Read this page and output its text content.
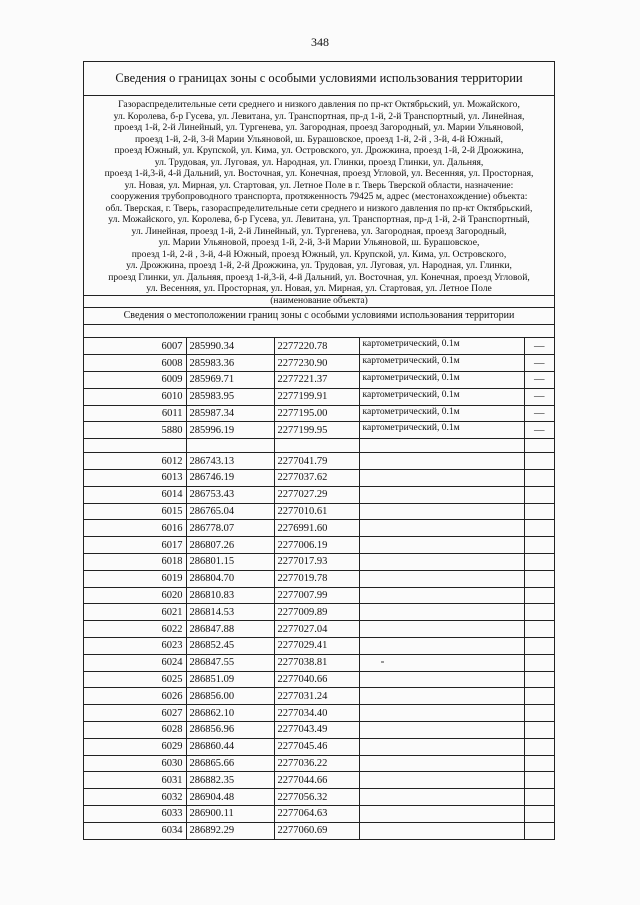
348
Сведения о границах зоны с особыми условиями использования территории
Газораспределительные сети среднего и низкого давления по пр-кт Октябрьский, ул. Можайского,
ул. Королева, б-р Гусева, ул. Левитана, ул. Транспортная, пр-д 1-й, 2-й Транспортный, ул. Линейная,
проезд 1-й, 2-й Линейный, ул. Тургенева, ул. Загородная, проезд Загородный, ул. Марии Ульяновой,
проезд 1-й, 2-й, 3-й Марии Ульяновой, ш. Бурашовское, проезд 1-й, 2-й , 3-й, 4-й Южный,
проезд Южный, ул. Крупской, ул. Кима, ул. Островского, ул. Дрожжина, проезд 1-й, 2-й Дрожжина,
ул. Трудовая, ул. Луговая, ул. Народная, ул. Глинки, проезд Глинки, ул. Дальняя,
проезд 1-й,3-й, 4-й Дальний, ул. Восточная, ул. Конечная, проезд Угловой, ул. Весенняя, ул. Просторная,
ул. Новая, ул. Мирная, ул. Стартовая, ул. Летное Поле в г. Тверь Тверской области, назначение:
сооружения трубопроводного транспорта, протяженность 79425 м, адрес (местонахождение) объекта:
обл. Тверская, г. Тверь, газораспределительные сети среднего и низкого давления по пр-кт Октябрьский,
ул. Можайского, ул. Королева, б-р Гусева, ул. Левитана, ул. Транспортная, пр-д 1-й, 2-й Транспортный,
ул. Линейная, проезд 1-й, 2-й Линейный, ул. Тургенева, ул. Загородная, проезд Загородный,
ул. Марии Ульяновой, проезд 1-й, 2-й, 3-й Марии Ульяновой, ш. Бурашовское,
проезд 1-й, 2-й , 3-й, 4-й Южный, проезд Южный, ул. Крупской, ул. Кима, ул. Островского,
ул. Дрожжина, проезд 1-й, 2-й Дрожжина, ул. Трудовая, ул. Луговая, ул. Народная, ул. Глинки,
проезд Глинки, ул. Дальняя, проезд 1-й,3-й, 4-й Дальний, ул. Восточная, ул. Конечная, проезд Угловой,
ул. Весенняя, ул. Просторная, ул. Новая, ул. Мирная, ул. Стартовая, ул. Летное Поле
(наименование объекта)
Сведения о местоположении границ зоны с особыми условиями использования территории
6007	285990.34	2277220.78	картометрический, 0.1м	—
6008	285983.36	2277230.90	картометрический, 0.1м	—
6009	285969.71	2277221.37	картометрический, 0.1м	—
6010	285983.95	2277199.91	картометрический, 0.1м	—
6011	285987.34	2277195.00	картометрический, 0.1м	—
5880	285996.19	2277199.95	картометрический, 0.1м	—

6012	286743.13	2277041.79		
6013	286746.19	2277037.62		
6014	286753.43	2277027.29		
6015	286765.04	2277010.61		
6016	286778.07	2276991.60		
6017	286807.26	2277006.19		
6018	286801.15	2277017.93		
6019	286804.70	2277019.78		
6020	286810.83	2277007.99		
6021	286814.53	2277009.89		
6022	286847.88	2277027.04		
6023	286852.45	2277029.41		
6024	286847.55	2277038.81		
6025	286851.09	2277040.66		
6026	286856.00	2277031.24		
6027	286862.10	2277034.40		
6028	286856.96	2277043.49		
6029	286860.44	2277045.46		
6030	286865.66	2277036.22		
6031	286882.35	2277044.66		
6032	286904.48	2277056.32		
6033	286900.11	2277064.63		
6034	286892.29	2277060.69		
